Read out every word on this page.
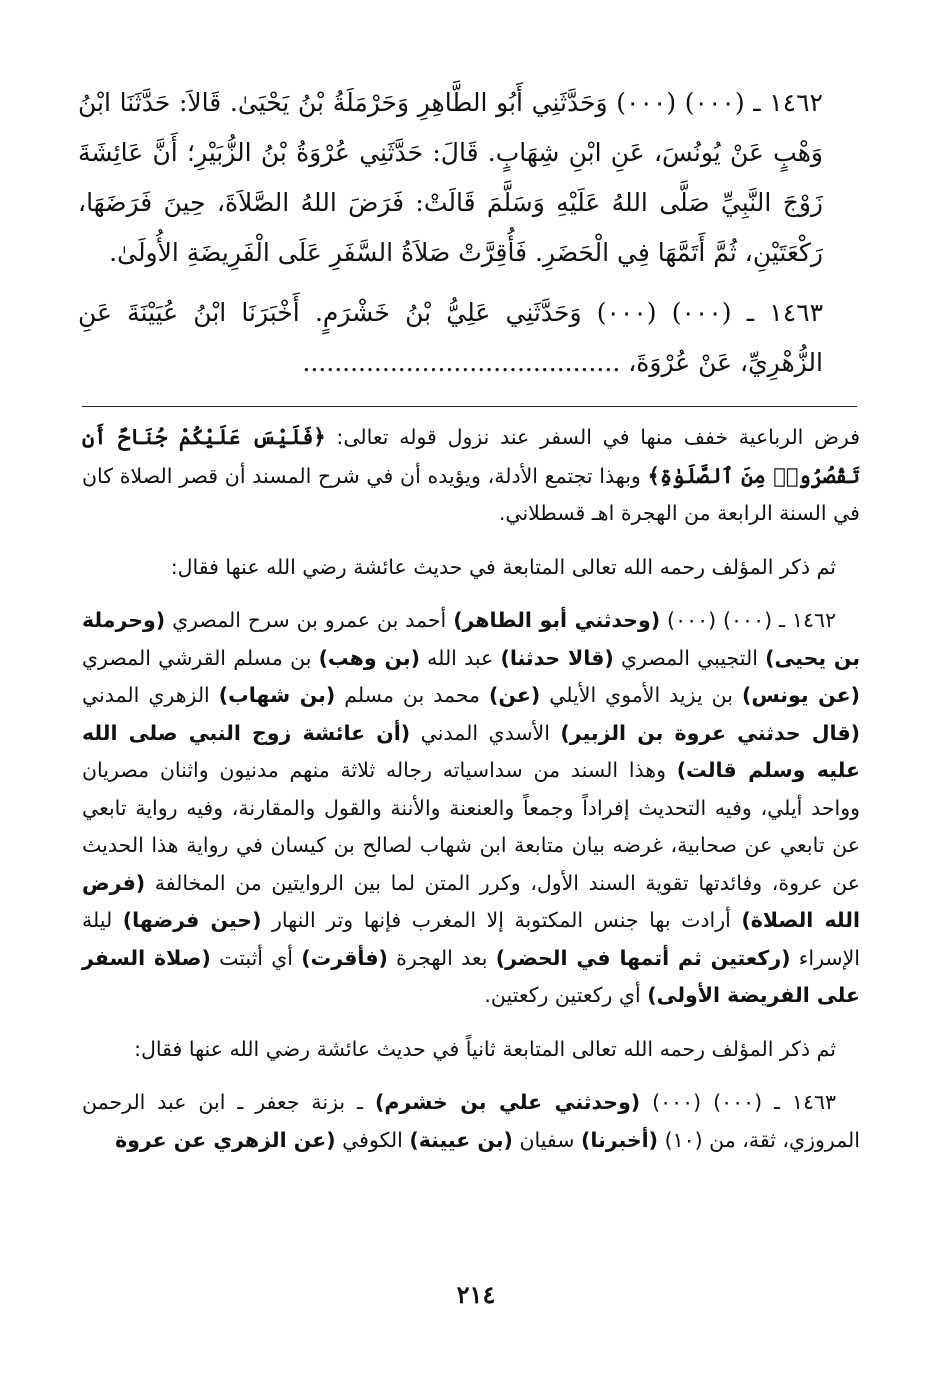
١٤٦٢ ـ (٠٠٠) (٠٠٠) وَحَدَّثَنِي أَبُو الطَّاهِرِ وَحَرْمَلَةُ بْنُ يَحْيَىٰ. قَالاَ: حَدَّثَنَا ابْنُ وَهْبٍ عَنْ يُونُسَ، عَنِ ابْنِ شِهَابٍ. قَالَ: حَدَّثَنِي عُرْوَةُ بْنُ الزُّبَيْرِ؛ أَنَّ عَائِشَةَ زَوْجَ النَّبِيِّ صَلَّى اللهُ عَلَيْهِ وَسَلَّمَ قَالَتْ: فَرَضَ اللهُ الصَّلاَةَ، حِينَ فَرَضَهَا، رَكْعَتَيْنِ، ثُمَّ أَتَمَّهَا فِي الْحَضَرِ. فَأُقِرَّتْ صَلاَةُ السَّفَرِ عَلَى الْفَرِيضَةِ الأُولَىٰ.

١٤٦٣ ـ (٠٠٠) (٠٠٠) وَحَدَّثَنِي عَلِيُّ بْنُ خَشْرَمٍ. أَخْبَرَنَا ابْنُ عُيَيْنَةَ عَنِ الزُّهْرِيِّ، عَنْ عُرْوَةَ، ........................................

فرض الرباعية خفف منها في السفر عند نزول قوله تعالى: ﴿فَلَيْسَ عَلَيْكُمْ جُنَاحٌ أَن تَقْصُرُوا۟ مِنَ ٱلصَّلَوٰةِ﴾ وبهذا تجتمع الأدلة، ويؤيده أن في شرح المسند أن قصر الصلاة كان في السنة الرابعة من الهجرة اهـ قسطلاني.

ثم ذكر المؤلف رحمه الله تعالى المتابعة في حديث عائشة رضي الله عنها فقال:

١٤٦٢ ـ (٠٠٠) (٠٠٠) (وحدثني أبو الطاهر) أحمد بن عمرو بن سرح المصري (وحرملة بن يحيى) التجيبي المصري (قالا حدثنا) عبد الله (بن وهب) بن مسلم القرشي المصري (عن يونس) بن يزيد الأموي الأيلي (عن) محمد بن مسلم (بن شهاب) الزهري المدني (قال حدثني عروة بن الزبير) الأسدي المدني (أن عائشة زوج النبي صلى الله عليه وسلم قالت) وهذا السند من سداسياته رجاله ثلاثة منهم مدنيون واثنان مصريان وواحد أيلي، وفيه التحديث إفراداً وجمعاً والعنعنة والأننة والقول والمقارنة، وفيه رواية تابعي عن تابعي عن صحابية، غرضه بيان متابعة ابن شهاب لصالح بن كيسان في رواية هذا الحديث عن عروة، وفائدتها تقوية السند الأول، وكرر المتن لما بين الروايتين من المخالفة (فرض الله الصلاة) أرادت بها جنس المكتوبة إلا المغرب فإنها وتر النهار (حين فرضها) ليلة الإسراء (ركعتين ثم أتمها في الحضر) بعد الهجرة (فأقرت) أي أثبتت (صلاة السفر على الفريضة الأولى) أي ركعتين ركعتين.

ثم ذكر المؤلف رحمه الله تعالى المتابعة ثانياً في حديث عائشة رضي الله عنها فقال:

١٤٦٣ ـ (٠٠٠) (٠٠٠) (وحدثني علي بن خشرم) ـ بزنة جعفر ـ ابن عبد الرحمن المروزي، ثقة، من (١٠) (أخبرنا) سفيان (بن عيينة) الكوفي (عن الزهري عن عروة

٢١٤
